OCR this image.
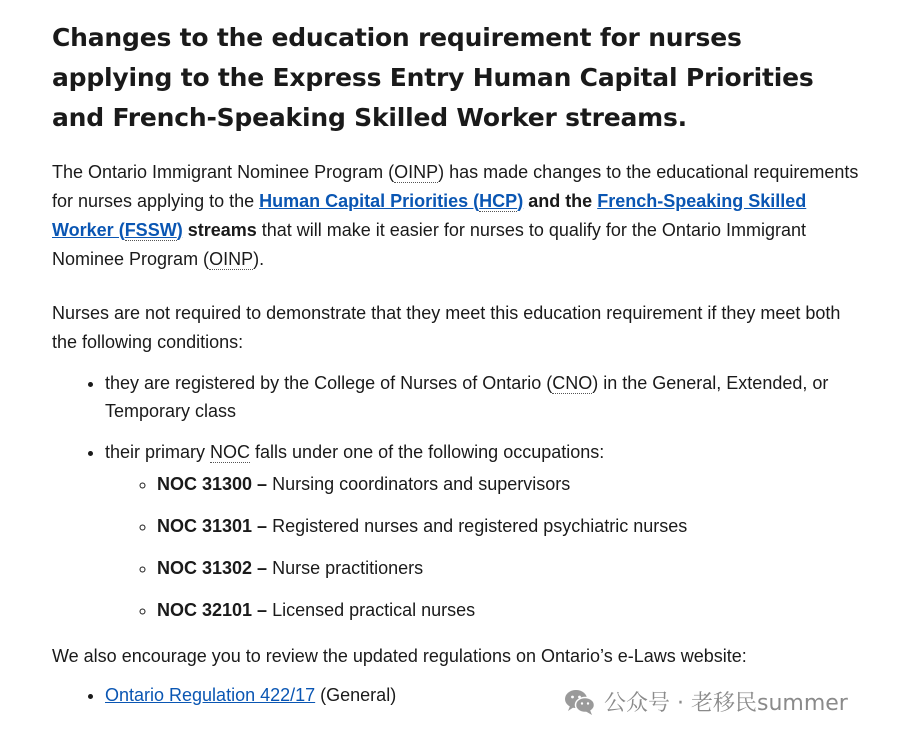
Changes to the education requirement for nurses applying to the Express Entry Human Capital Priorities and French-Speaking Skilled Worker streams.

The Ontario Immigrant Nominee Program (OINP) has made changes to the educational requirements for nurses applying to the Human Capital Priorities (HCP) and the French-Speaking Skilled Worker (FSSW) streams that will make it easier for nurses to qualify for the Ontario Immigrant Nominee Program (OINP).

Nurses are not required to demonstrate that they meet this education requirement if they meet both the following conditions:

• they are registered by the College of Nurses of Ontario (CNO) in the General, Extended, or Temporary class
• their primary NOC falls under one of the following occupations:
◦ NOC 31300 – Nursing coordinators and supervisors
◦ NOC 31301 – Registered nurses and registered psychiatric nurses
◦ NOC 31302 – Nurse practitioners
◦ NOC 32101 – Licensed practical nurses

We also encourage you to review the updated regulations on Ontario’s e-Laws website:

• Ontario Regulation 422/17 (General)	公众号 · 老移民summer
